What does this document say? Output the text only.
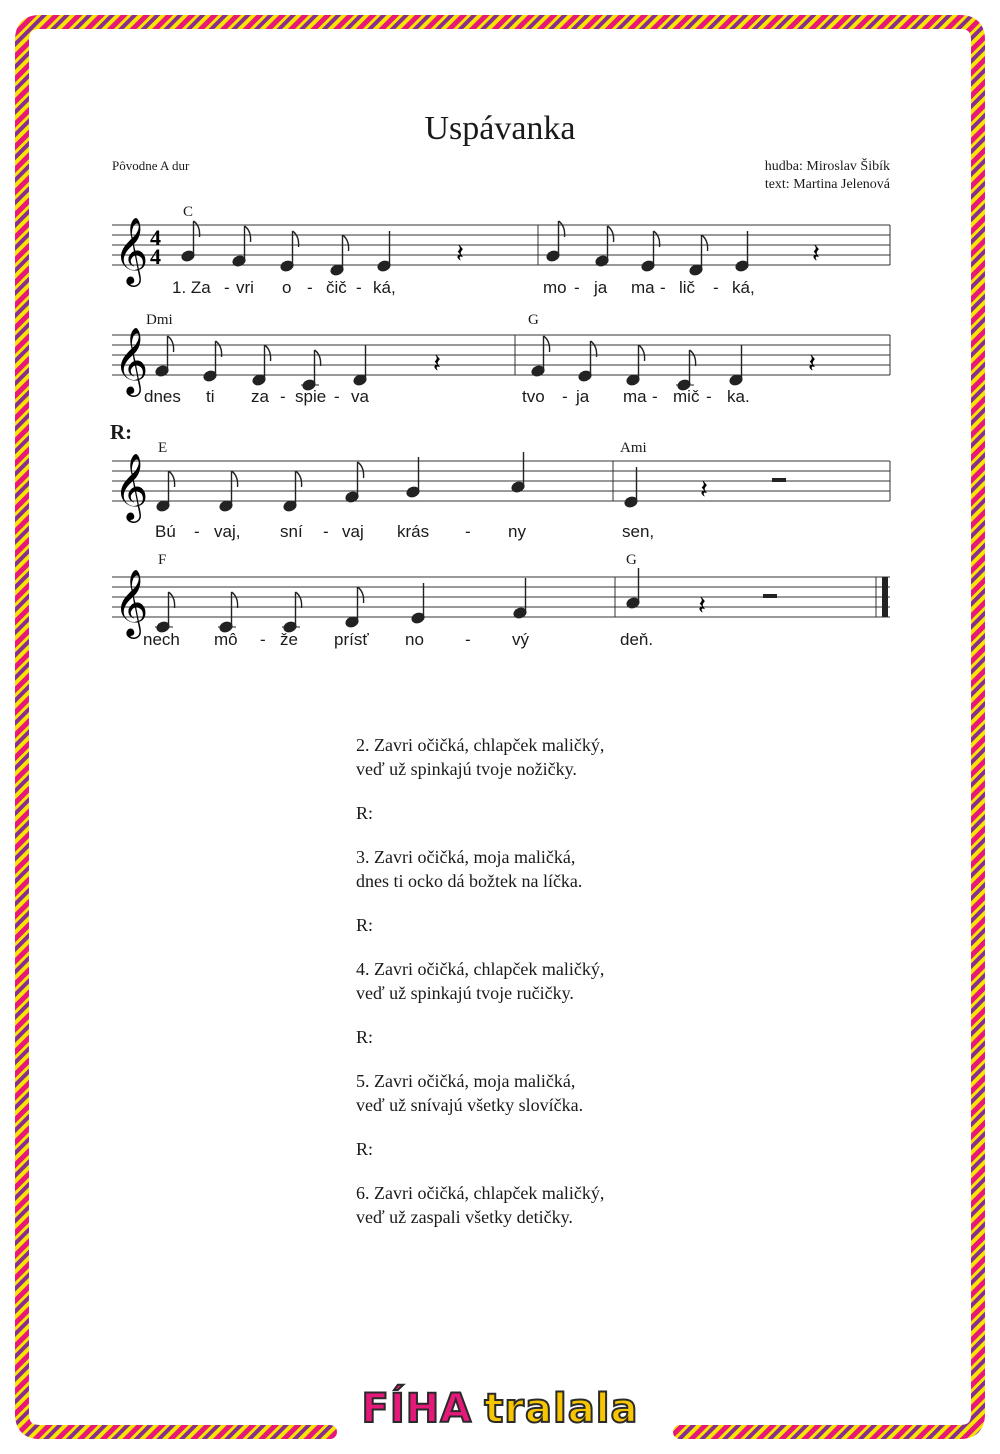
Uspávanka
Pôvodne A dur	hudba: Miroslav Šibík
text: Martina Jelenová
R:
𝄞 4
4	𝄽	𝄽
C
1. Za - vri o - čič - ká,	mo - ja ma - lič - ká,
𝄞	𝄽	𝄽
Dmi	G
dnes ti za - spie - va	tvo - ja ma - mič - ka.
𝄞	𝄽
E	Ami
Bú - vaj, sní - vaj krás - ny	sen,
𝄞	𝄽
F	G
nech mô - že prísť no - vý	deň.
2. Zavri očičká, chlapček maličký,
veď už spinkajú tvoje nožičky.
R:
3. Zavri očičká, moja maličká,
dnes ti ocko dá božtek na líčka.
R:
4. Zavri očičká, chlapček maličký,
veď už spinkajú tvoje ručičky.
R:
5. Zavri očičká, moja maličká,
veď už snívajú všetky slovíčka.
R:
6. Zavri očičká, chlapček maličký,
veď už zaspali všetky detičky.
FÍHA tralala
